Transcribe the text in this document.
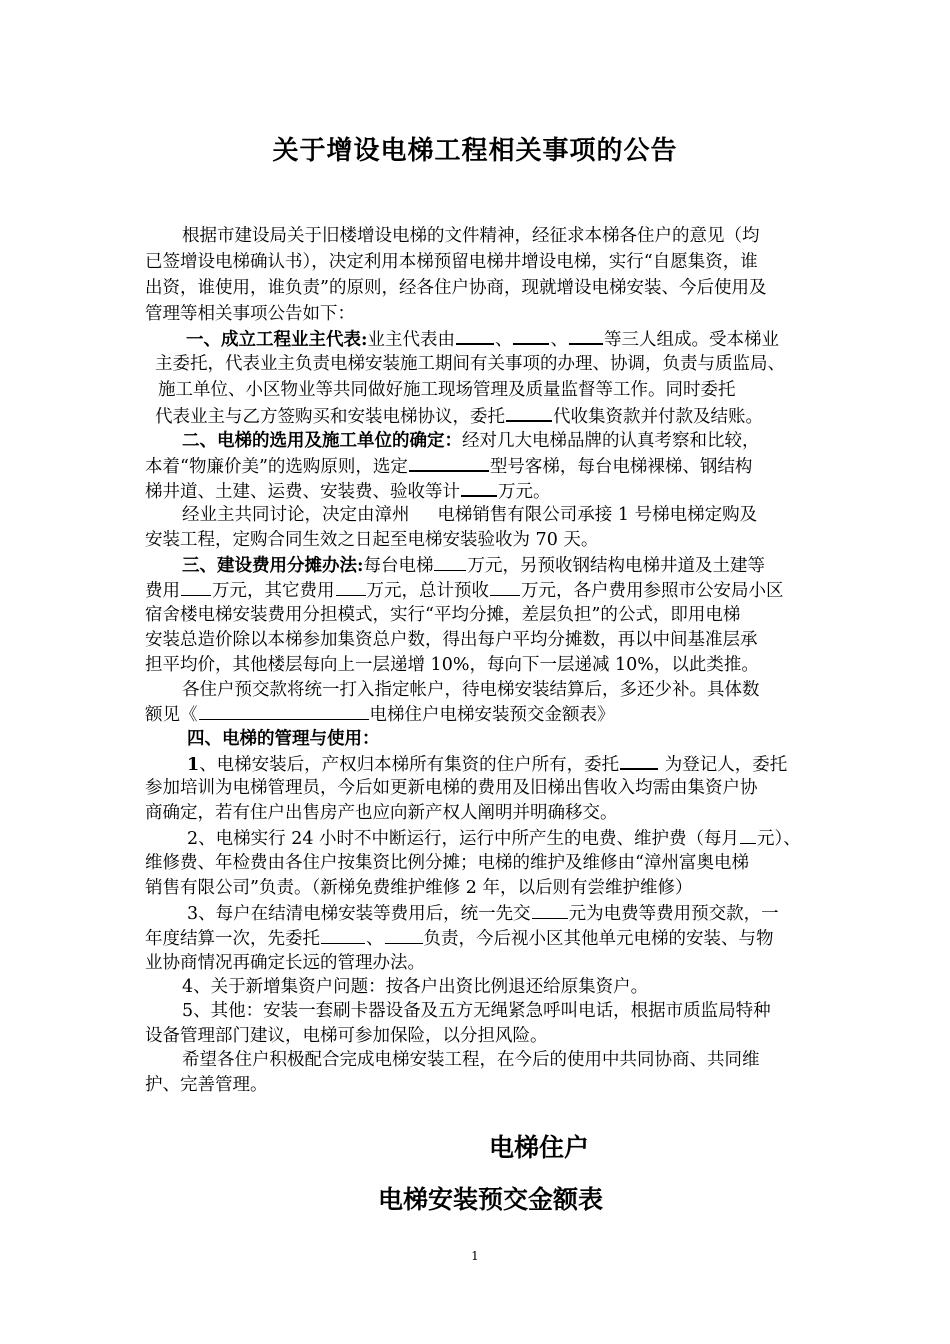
关于增设电梯工程相关事项的公告
根据市建设局关于旧楼增设电梯的文件精神，经征求本梯各住户的意见（均
已签增设电梯确认书），决定利用本梯预留电梯井增设电梯，实行“自愿集资，谁
出资，谁使用，谁负责”的原则，经各住户协商，现就增设电梯安装、今后使用及
管理等相关事项公告如下：
一、成立工程业主代表:业主代表由 、 、 等三人组成。受本梯业
主委托，代表业主负责电梯安装施工期间有关事项的办理、协调，负责与质监局、
施工单位、小区物业等共同做好施工现场管理及质量监督等工作。同时委托
代表业主与乙方签购买和安装电梯协议，委托	代收集资款并付款及结账。
二、电梯的选用及施工单位的确定：经对几大电梯品牌的认真考察和比较，
本着“物廉价美”的选购原则，选定	型号客梯，每台电梯裸梯、钢结构
梯井道、土建、运费、安装费、验收等计 万元。
经业主共同讨论，决定由漳州     电梯销售有限公司承接 1 号梯电梯定购及
安装工程，定购合同生效之日起至电梯安装验收为 70 天。
三、建设费用分摊办法:每台电梯 万元，另预收钢结构电梯井道及土建等
费用 万元，其它费用 万元，总计预收 万元，各户费用参照市公安局小区
宿舍楼电梯安装费用分担模式，实行“平均分摊，差层负担”的公式，即用电梯
安装总造价除以本梯参加集资总户数，得出每户平均分摊数，再以中间基准层承
担平均价，其他楼层每向上一层递增 10%，每向下一层递减 10%，以此类推。
各住户预交款将统一打入指定帐户，待电梯安装结算后，多还少补。具体数
额见《	电梯住户电梯安装预交金额表》
四、电梯的管理与使用：
1、电梯安装后，产权归本梯所有集资的住户所有，委托 为登记人，委托
参加培训为电梯管理员，今后如更新电梯的费用及旧梯出售收入均需由集资户协
商确定，若有住户出售房产也应向新产权人阐明并明确移交。
2、电梯实行 24 小时不中断运行，运行中所产生的电费、维护费（每月 元）、
维修费、年检费由各住户按集资比例分摊；电梯的维护及维修由“漳州富奥电梯
销售有限公司”负责。（新梯免费维护维修 2 年，以后则有尝维护维修）
3、每户在结清电梯安装等费用后，统一先交 元为电费等费用预交款，一
年度结算一次，先委托	、 负责，今后视小区其他单元电梯的安装、与物
业协商情况再确定长远的管理办法。
4、关于新增集资户问题：按各户出资比例退还给原集资户。
5、其他：安装一套刷卡器设备及五方无绳紧急呼叫电话，根据市质监局特种
设备管理部门建议，电梯可参加保险，以分担风险。
希望各住户积极配合完成电梯安装工程，在今后的使用中共同协商、共同维
护、完善管理。
电梯住户
电梯安装预交金额表
1
